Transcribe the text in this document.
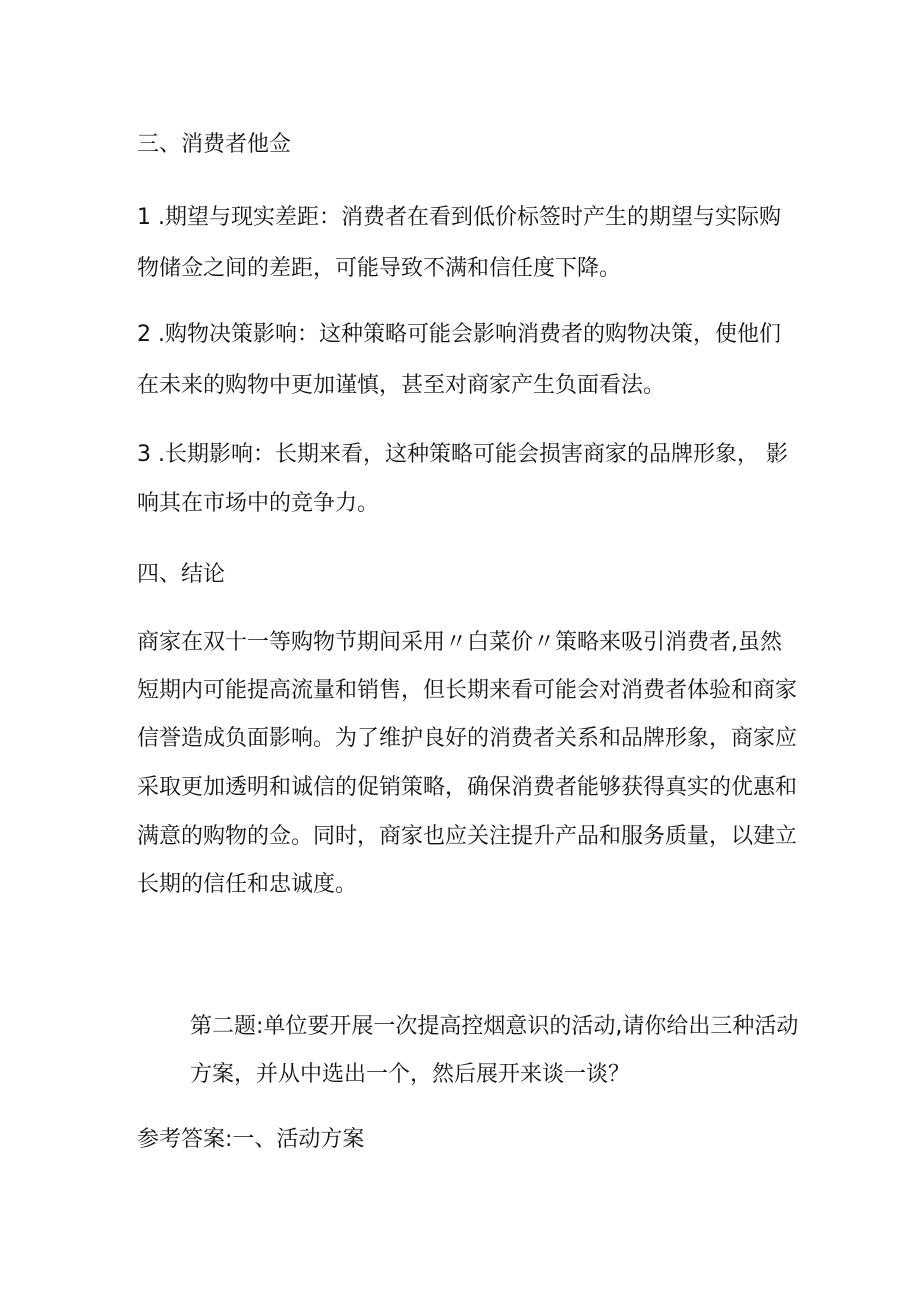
三、消费者他佥
1 .期望与现实差距：消费者在看到低价标签时产生的期望与实际购
物储佥之间的差距，可能导致不满和信任度下降。
2 .购物决策影响：这种策略可能会影响消费者的购物决策，使他们
在未来的购物中更加谨慎，甚至对商家产生负面看法。
3 .长期影响：长期来看，这种策略可能会损害商家的品牌形象， 影
响其在市场中的竞争力。
四、结论
商家在双十一等购物节期间采用〃白菜价〃策略来吸引消费者,虽然
短期内可能提高流量和销售，但长期来看可能会对消费者体验和商家
信誉造成负面影响。为了维护良好的消费者关系和品牌形象，商家应
采取更加透明和诚信的促销策略，确保消费者能够获得真实的优惠和
满意的购物的佥。同时，商家也应关注提升产品和服务质量，以建立
长期的信任和忠诚度。
第二题:单位要开展一次提高控烟意识的活动,请你给出三种活动
方案，并从中选出一个，然后展开来谈一谈？
参考答案:一、活动方案
